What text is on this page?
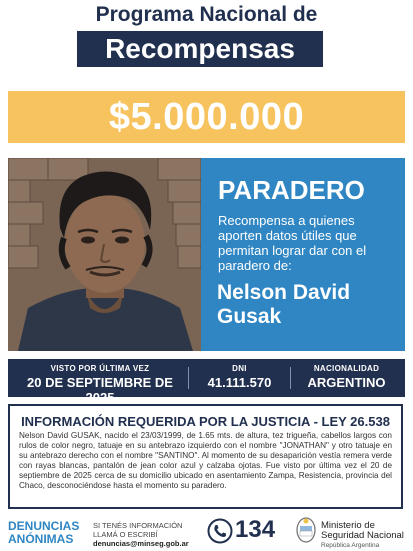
Programa Nacional de
Recompensas
$5.000.000
PARADERO
Recompensa a quienes aporten datos útiles que permitan lograr dar con el paradero de:
Nelson David Gusak
VISTO POR ÚLTIMA VEZ
20 DE SEPTIEMBRE DE 2025
DNI
41.111.570
NACIONALIDAD
ARGENTINO
INFORMACIÓN REQUERIDA POR LA JUSTICIA - LEY 26.538
Nelson David GUSAK, nacido el 23/03/1999, de 1.65 mts. de altura, tez trigueña, cabellos largos con rulos de color negro, tatuaje en su antebrazo izquierdo con el nombre "JONATHAN" y otro tatuaje en su antebrazo derecho con el nombre "SANTINO". Al momento de su desaparición vestía remera verde con rayas blancas, pantalón de jean color azul y calzaba ojotas. Fue visto por última vez el 20 de septiembre de 2025 cerca de su domicilio ubicado en asentamiento Zampa, Resistencia, provincia del Chaco, desconociéndose hasta el momento su paradero.
DENUNCIAS
ANÓNIMAS
SI TENÉS INFORMACIÓN
LLAMÁ O ESCRIBÍ
denuncias@minseg.gob.ar
134	Ministerio de
Seguridad Nacional
República Argentina
